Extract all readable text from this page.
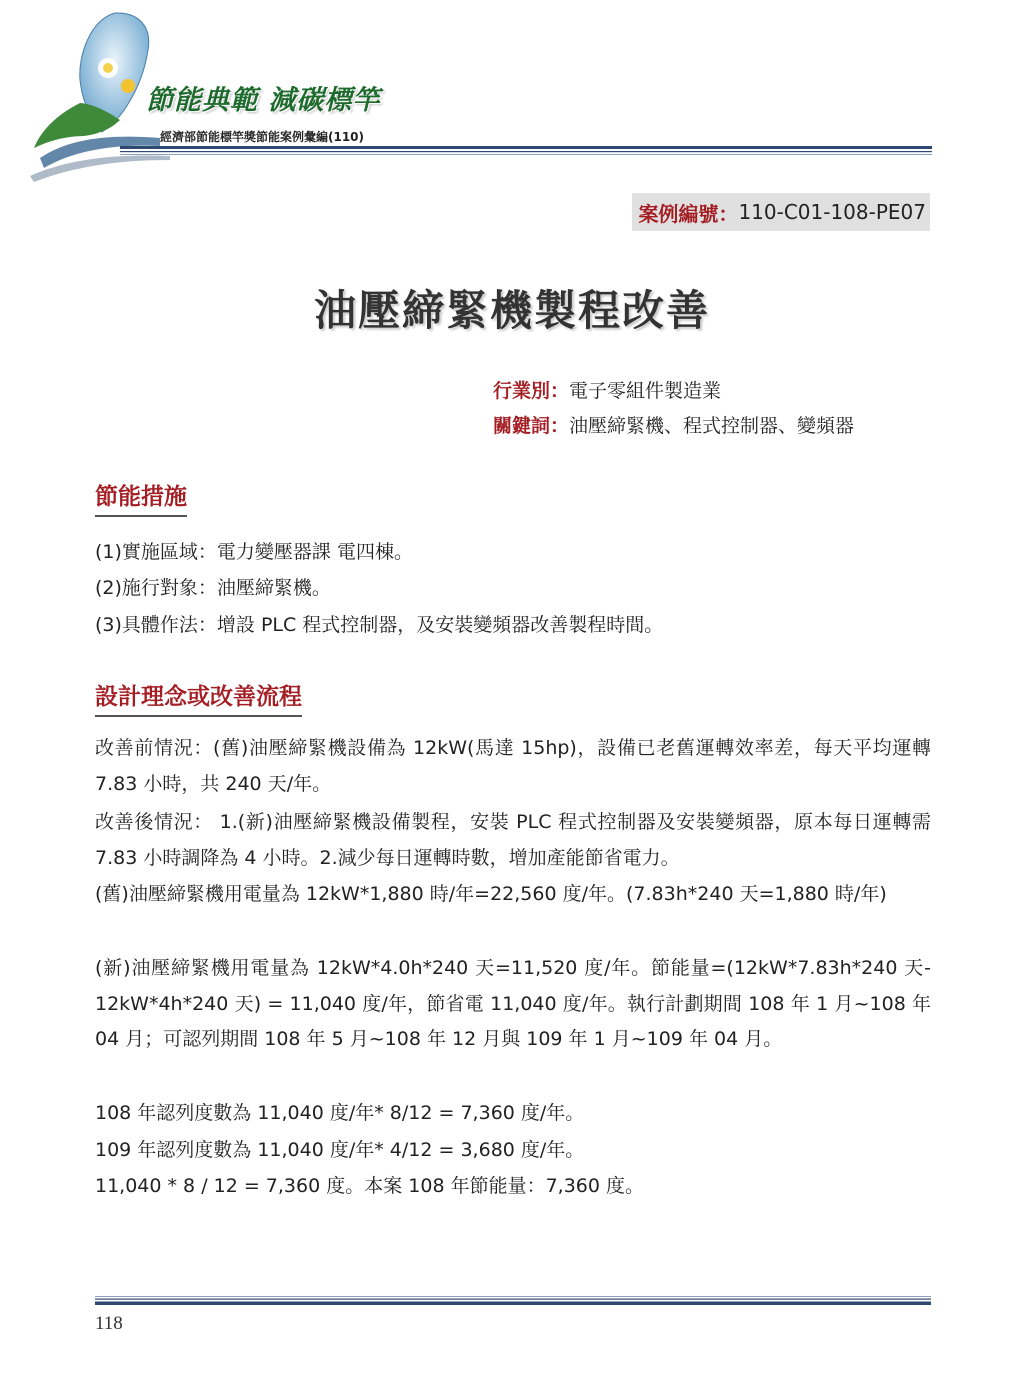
節能典範 減碳標竿
經濟部節能標竿獎節能案例彙編(110)
案例編號： 110-C01-108-PE07
油壓締緊機製程改善
行業別：電子零組件製造業
關鍵詞：油壓締緊機、程式控制器、變頻器
節能措施
(1)實施區域：電力變壓器課 電四棟。
(2)施行對象：油壓締緊機。
(3)具體作法：增設 PLC 程式控制器，及安裝變頻器改善製程時間。
設計理念或改善流程
改善前情況：(舊)油壓締緊機設備為 12kW(馬達 15hp)，設備已老舊運轉效率差，每天平均運轉 7.83 小時，共 240 天/年。
改善後情況： 1.(新)油壓締緊機設備製程，安裝 PLC 程式控制器及安裝變頻器，原本每日運轉需 7.83 小時調降為 4 小時。2.減少每日運轉時數，增加產能節省電力。
(舊)油壓締緊機用電量為 12kW*1,880 時/年=22,560 度/年。(7.83h*240 天=1,880 時/年)
(新)油壓締緊機用電量為 12kW*4.0h*240 天=11,520 度/年。節能量=(12kW*7.83h*240 天- 12kW*4h*240 天) = 11,040 度/年，節省電 11,040 度/年。執行計劃期間 108 年 1 月~108 年 04 月；可認列期間 108 年 5 月~108 年 12 月與 109 年 1 月~109 年 04 月。
108 年認列度數為 11,040 度/年* 8/12 = 7,360 度/年。
109 年認列度數為 11,040 度/年* 4/12 = 3,680 度/年。
11,040 * 8 / 12 = 7,360 度。本案 108 年節能量：7,360 度。
118
